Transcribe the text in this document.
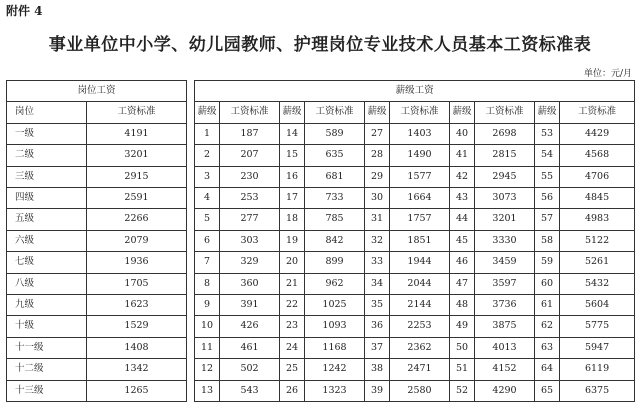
附件 4
事业单位中小学、幼儿园教师、护理岗位专业技术人员基本工资标准表
单位：元/月
岗位工资			薪级工资									
岗位	工资标准		薪级	工资标准	薪级	工资标准	薪级	工资标准	薪级	工资标准	薪级	工资标准
一级	4191		1	187	14	589	27	1403	40	2698	53	4429
二级	3201		2	207	15	635	28	1490	41	2815	54	4568
三级	2915		3	230	16	681	29	1577	42	2945	55	4706
四级	2591		4	253	17	733	30	1664	43	3073	56	4845
五级	2266		5	277	18	785	31	1757	44	3201	57	4983
六级	2079		6	303	19	842	32	1851	45	3330	58	5122
七级	1936		7	329	20	899	33	1944	46	3459	59	5261
八级	1705		8	360	21	962	34	2044	47	3597	60	5432
九级	1623		9	391	22	1025	35	2144	48	3736	61	5604
十级	1529		10	426	23	1093	36	2253	49	3875	62	5775
十一级	1408		11	461	24	1168	37	2362	50	4013	63	5947
十二级	1342		12	502	25	1242	38	2471	51	4152	64	6119
十三级	1265		13	543	26	1323	39	2580	52	4290	65	6375
